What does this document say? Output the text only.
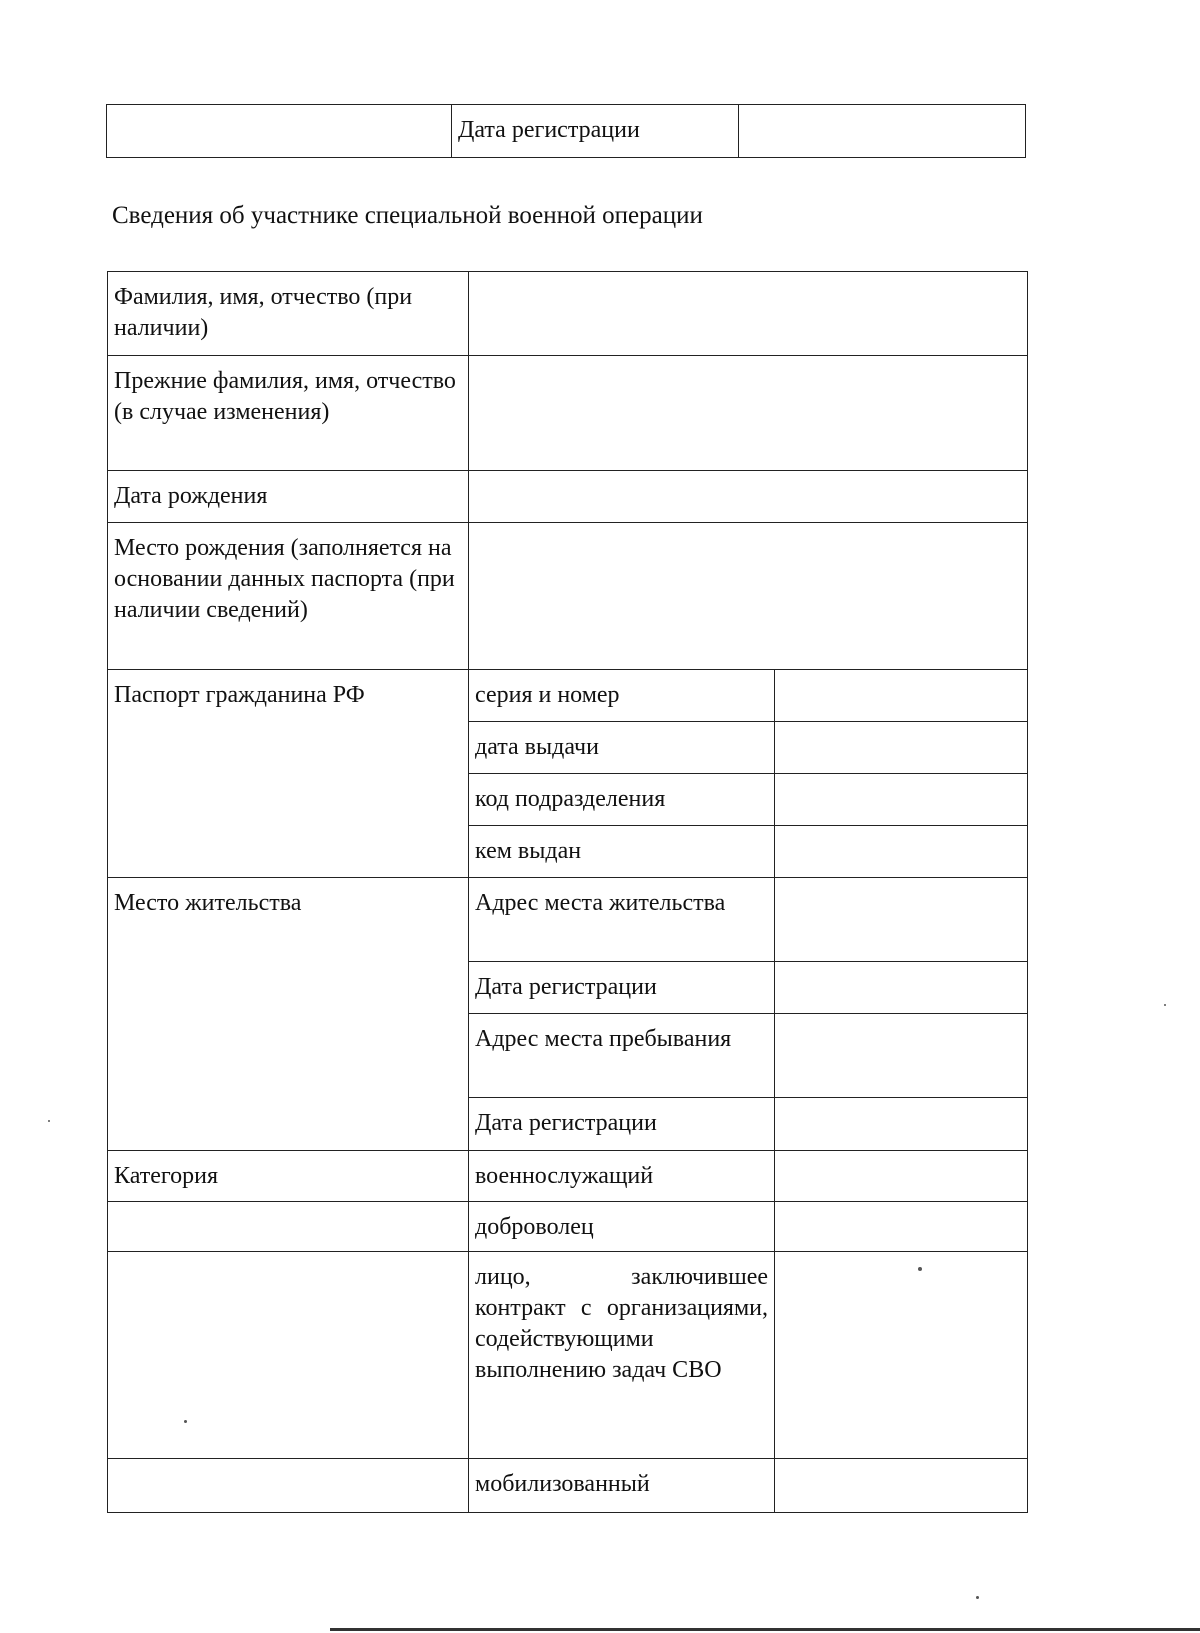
	Дата регистрации	
Сведения об участнике специальной военной операции
Фамилия, имя, отчество (при наличии)		
Прежние фамилия, имя, отчество (в случае изменения)		
Дата рождения		
Место рождения (заполняется на основании данных паспорта (при наличии сведений)		
Паспорт гражданина РФ	серия и номер	
	дата выдачи	
	код подразделения	
	кем выдан	
Место жительства	Адрес места жительства	
	Дата регистрации	
	Адрес места пребывания	
	Дата регистрации	
Категория	военнослужащий	
	доброволец	
	лицо, заключившее контракт с организациями, содействующими выполнению задач СВО	
	мобилизованный	
